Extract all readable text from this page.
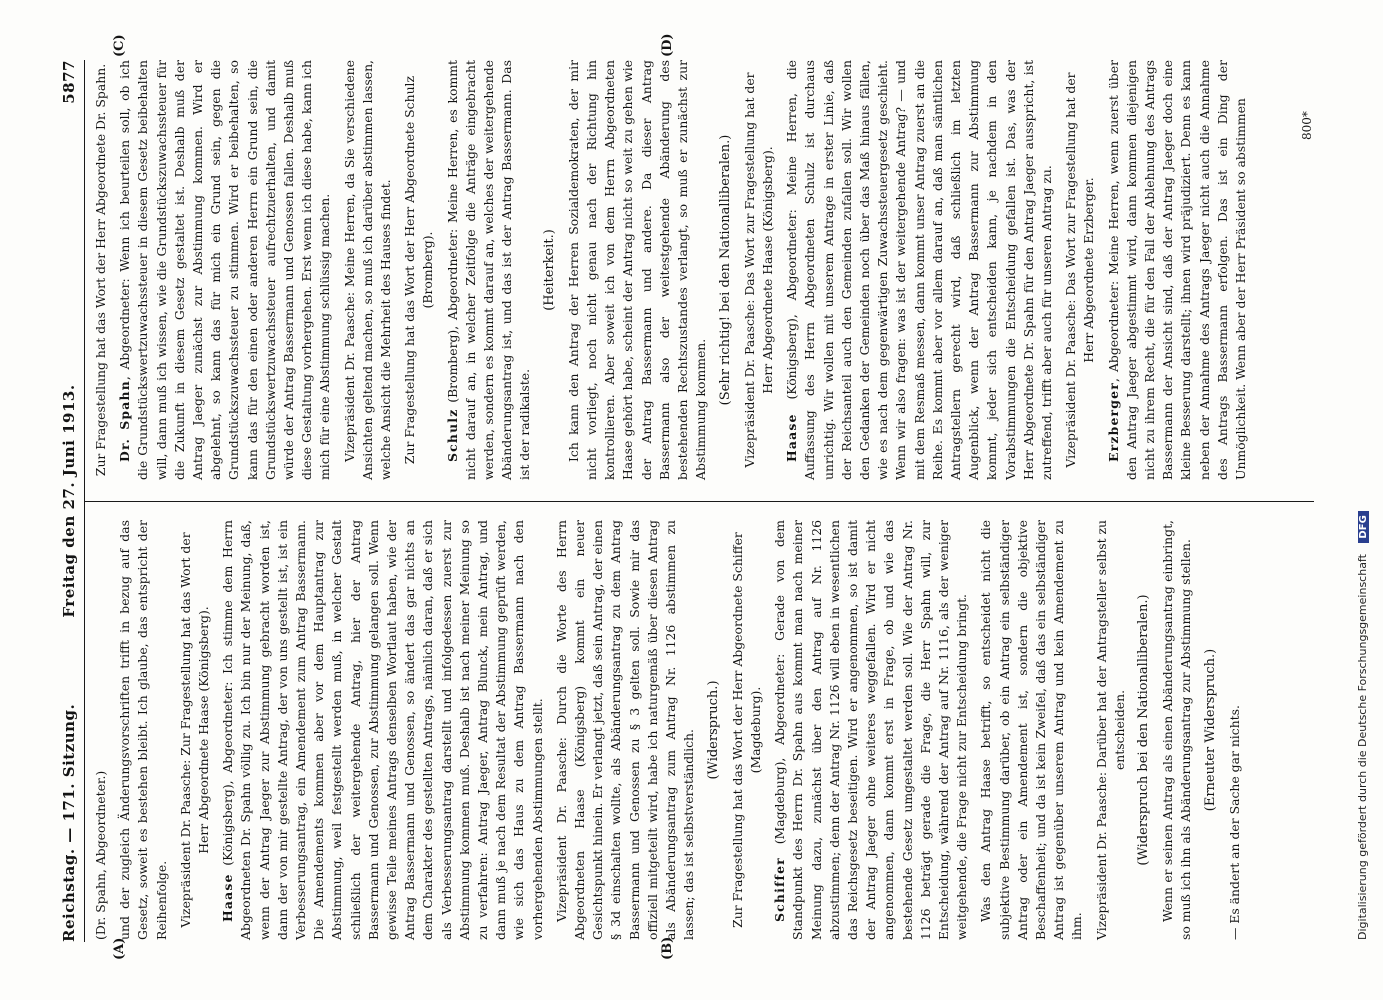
Reichstag. — 171. Sitzung.
Freitag den 27. Juni 1913.
5877
(A)	(B)
(C)	(D)

(Dr. Spahn, Abgeordneter.) und der zugleich Änderungsvorschriften trifft in bezug auf das Gesetz, soweit es bestehen bleibt. Ich glaube, das entspricht der Reihenfolge. Vizepräsident Dr. Paasche: Zur Fragestellung hat das Wort der Herr Abgeordnete Haase (Königsberg).

Haase (Königsberg), Abgeordneter: Ich stimme dem Herrn Abgeordneten Dr. Spahn völlig zu. Ich bin nur der Meinung, daß, wenn der Antrag Jaeger zur Abstimmung gebracht worden ist, dann der von mir gestellte Antrag, der von uns gestellt ist, ist ein Verbesserungsantrag, ein Amendement zum Antrag Bassermann. Die Amendements kommen aber vor dem Hauptantrag zur Abstimmung, weil festgestellt werden muß, in welcher Gestalt schließlich der weitergehende Antrag, hier der Antrag Bassermann und Genossen, zur Abstimmung gelangen soll. Wenn gewisse Teile meines Antrags denselben Wortlaut haben, wie der Antrag Bassermann und Genossen, so ändert das gar nichts an dem Charakter des gestellten Antrags, nämlich daran, daß er sich als Verbesserungsantrag darstellt und infolgedessen zuerst zur Abstimmung kommen muß. Deshalb ist nach meiner Meinung so zu verfahren: Antrag Jaeger, Antrag Blunck, mein Antrag, und dann muß je nach dem Resultat der Abstimmung geprüft werden, wie sich das Haus zu dem Antrag Bassermann nach den vorhergehenden Abstimmungen stellt. Vizepräsident Dr. Paasche: Durch die Worte des Herrn Abgeordneten Haase (Königsberg) kommt ein neuer Gesichtspunkt hinein. Er verlangt jetzt, daß sein Antrag, der einen § 3d einschalten wollte, als Abänderungsantrag zu dem Antrag Bassermann und Genossen zu § 3 gelten soll. Sowie mir das offiziell mitgeteilt wird, habe ich naturgemäß über diesen Antrag als Abänderungsantrag zum Antrag Nr. 1126 abstimmen zu lassen; das ist selbstverständlich. (Widerspruch.) Zur Fragestellung hat das Wort der Herr Abgeordnete Schiffer (Magdeburg).

Schiffer (Magdeburg), Abgeordneter: Gerade von dem Standpunkt des Herrn Dr. Spahn aus kommt man nach meiner Meinung dazu, zunächst über den Antrag auf Nr. 1126 abzustimmen; denn der Antrag Nr. 1126 will eben in wesentlichen das Reichsgesetz beseitigen. Wird er angenommen, so ist damit der Antrag Jaeger ohne weiteres weggefallen. Wird er nicht angenommen, dann kommt erst in Frage, ob und wie das bestehende Gesetz umgestaltet werden soll. Wie der Antrag Nr. 1126 beträgt gerade die Frage, die Herr Spahn will, zur Entscheidung, während der Antrag auf Nr. 1116, als der weniger weitgehende, die Frage nicht zur Entscheidung bringt. Was den Antrag Haase betrifft, so entscheidet nicht die subjektive Bestimmung darüber, ob ein Antrag ein selbständiger Antrag oder ein Amendement ist, sondern die objektive Beschaffenheit; und da ist kein Zweifel, daß das ein selbständiger Antrag ist gegenüber unserem Antrag und kein Amendement zu ihm. Vizepräsident Dr. Paasche: Darüber hat der Antragsteller selbst zu entscheiden. (Widerspruch bei den Nationalliberalen.) Wenn er seinen Antrag als einen Abänderungsantrag einbringt, so muß ich ihn als Abänderungsantrag zur Abstimmung stellen. (Erneuter Widerspruch.) — Es ändert an der Sache gar nichts.

Zur Fragestellung hat das Wort der Herr Abgeordnete Dr. Spahn. Dr. Spahn, Abgeordneter: Wenn ich beurteilen soll, ob ich die Grundstückswertzuwachssteuer in diesem Gesetz beibehalten will, dann muß ich wissen, wie die Grundstückszuwachssteuer für die Zukunft in diesem Gesetz gestaltet ist. Deshalb muß der Antrag Jaeger zunächst zur Abstimmung kommen. Wird er abgelehnt, so kann das für mich ein Grund sein, gegen die Grundstückszuwachssteuer zu stimmen. Wird er beibehalten, so kann das für den einen oder anderen Herrn ein Grund sein, die Grundstückswertzuwachssteuer aufrechtzuerhalten, und damit würde der Antrag Bassermann und Genossen fallen. Deshalb muß diese Gestaltung vorhergehen. Erst wenn ich diese habe, kann ich mich für eine Abstimmung schlüssig machen. Vizepräsident Dr. Paasche: Meine Herren, da Sie verschiedene Ansichten geltend machen, so muß ich darüber abstimmen lassen, welche Ansicht die Mehrheit des Hauses findet. Zur Fragestellung hat das Wort der Herr Abgeordnete Schulz (Bromberg).

Schulz (Bromberg), Abgeordneter: Meine Herren, es kommt nicht darauf an, in welcher Zeitfolge die Anträge eingebracht werden, sondern es kommt darauf an, welches der weitergehende Abänderungsantrag ist, und das ist der Antrag Bassermann. Das ist der radikalste.

(Heiterkeit.) Ich kann den Antrag der Herren Sozialdemokraten, der mir nicht vorliegt, noch nicht genau nach der Richtung hin kontrollieren. Aber soweit ich von dem Herrn Abgeordneten Haase gehört habe, scheint der Antrag nicht so weit zu gehen wie der Antrag Bassermann und andere. Da dieser Antrag Bassermann also der weitestgehende Abänderung des bestehenden Rechtszustandes verlangt, so muß er zunächst zur Abstimmung kommen.

(Sehr richtig! bei den Nationalliberalen.) Vizepräsident Dr. Paasche: Das Wort zur Fragestellung hat der Herr Abgeordnete Haase (Königsberg).

Haase (Königsberg), Abgeordneter: Meine Herren, die Auffassung des Herrn Abgeordneten Schulz ist durchaus unrichtig. Wir wollen mit unserem Antrage in erster Linie, daß der Reichsanteil auch den Gemeinden zufallen soll. Wir wollen den Gedanken der Gemeinden noch über das Maß hinaus fällen, wie es nach dem gegenwärtigen Zuwachssteuergesetz geschieht. Wenn wir also fragen: was ist der weitergehende Antrag? — und mit dem Resmaß messen, dann kommt unser Antrag zuerst an die Reihe. Es kommt aber vor allem darauf an, daß man sämtlichen Antragstellern gerecht wird, daß schließlich im letzten Augenblick, wenn der Antrag Bassermann zur Abstimmung kommt, jeder sich entscheiden kann, je nachdem in den Vorabstimmungen die Entscheidung gefallen ist. Das, was der Herr Abgeordnete Dr. Spahn für den Antrag Jaeger ausspricht, ist zutreffend, trifft aber auch für unseren Antrag zu. Vizepräsident Dr. Paasche: Das Wort zur Fragestellung hat der Herr Abgeordnete Erzberger.

Erzberger, Abgeordneter: Meine Herren, wenn zuerst über den Antrag Jaeger abgestimmt wird, dann kommen diejenigen nicht zu ihrem Recht, die für den Fall der Ablehnung des Antrags Bassermann der Ansicht sind, daß der Antrag Jaeger doch eine kleine Besserung darstellt; ihnen wird präjudiziert. Denn es kann neben der Annahme des Antrags Jaeger nicht auch die Annahme des Antrags Bassermann erfolgen. Das ist ein Ding der Unmöglichkeit. Wenn aber der Herr Präsident so abstimmen	800*
Digitalisierung gefördert durch die Deutsche Forschungsgemeinschaft DFG
